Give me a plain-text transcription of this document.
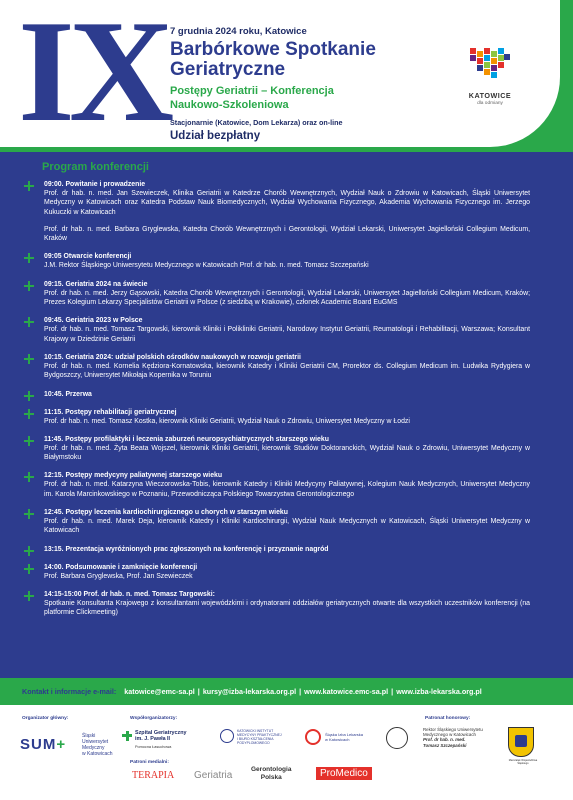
IX 7 grudnia 2024 roku, Katowice
Barbórkowe Spotkanie
Geriatryczne
Postępy Geriatrii – Konferencja
Naukowo-Szkoleniowa
Stacjonarnie (Katowice, Dom Lekarza) oraz on-line
Udział bezpłatny
KATOWICE
dla odmiany
Program konferencji
09:00. Powitanie i prowadzenie
Prof. dr hab. n. med. Jan Szewieczek, Klinika Geriatrii w Katedrze Chorób Wewnętrznych, Wydział Nauk o Zdrowiu w Katowicach, Śląski Uniwersytet Medyczny w Katowicach oraz Katedra Podstaw Nauk Biomedycznych, Wydział Wychowania Fizycznego, Akademia Wychowania Fizycznego im. Jerzego Kukuczki w Katowicach
Prof. dr hab. n. med. Barbara Gryglewska, Katedra Chorób Wewnętrznych i Gerontologii, Wydział Lekarski, Uniwersytet Jagielloński Collegium Medicum, Kraków
09:05 Otwarcie konferencji
J.M. Rektor Śląskiego Uniwersytetu Medycznego w Katowicach Prof. dr hab. n. med. Tomasz Szczepański
09:15. Geriatria 2024 na świecie
Prof. dr hab. n. med. Jerzy Gąsowski, Katedra Chorób Wewnętrznych i Gerontologii, Wydział Lekarski, Uniwersytet Jagielloński Collegium Medicum, Kraków; Prezes Kolegium Lekarzy Specjalistów Geriatrii w Polsce (z siedzibą w Krakowie), członek Academic Board EuGMS
09:45. Geriatria 2023 w Polsce
Prof. dr hab. n. med. Tomasz Targowski, kierownik Kliniki i Polikliniki Geriatrii, Narodowy Instytut Geriatrii, Reumatologii i Rehabilitacji, Warszawa; Konsultant Krajowy w Dziedzinie Geriatrii
10:15. Geriatria 2024: udział polskich ośrodków naukowych w rozwoju geriatrii
Prof. dr hab. n. med. Kornelia Kędziora-Kornatowska, kierownik Katedry i Kliniki Geriatrii CM, Prorektor ds. Collegium Medicum im. Ludwika Rydygiera w Bydgoszczy, Uniwersytet Mikołaja Kopernika w Toruniu
10:45. Przerwa
11:15. Postępy rehabilitacji geriatrycznej
Prof. dr hab. n. med. Tomasz Kostka, kierownik Kliniki Geriatrii, Wydział Nauk o Zdrowiu, Uniwersytet Medyczny w Łodzi
11:45. Postępy profilaktyki i leczenia zaburzeń neuropsychiatrycznych starszego wieku
Prof. dr hab. n. med. Żyta Beata Wojszel, kierownik Kliniki Geriatrii, kierownik Studiów Doktoranckich, Wydział Nauk o Zdrowiu, Uniwersytet Medyczny w Białymstoku
12:15. Postępy medycyny paliatywnej starszego wieku
Prof. dr hab. n. med. Katarzyna Wieczorowska-Tobis, kierownik Katedry i Kliniki Medycyny Paliatywnej, Kolegium Nauk Medycznych, Uniwersytet Medyczny im. Karola Marcinkowskiego w Poznaniu, Przewodnicząca Polskiego Towarzystwa Gerontologicznego
12:45. Postępy leczenia kardiochirurgicznego u chorych w starszym wieku
Prof. dr hab. n. med. Marek Deja, kierownik Katedry i Kliniki Kardiochirurgii, Wydział Nauk Medycznych w Katowicach, Śląski Uniwersytet Medyczny w Katowicach
13:15. Prezentacja wyróżnionych prac zgłoszonych na konferencję i przyznanie nagród
14:00. Podsumowanie i zamknięcie konferencji
Prof. Barbara Gryglewska, Prof. Jan Szewieczek
14:15-15:00 Prof. dr hab. n. med. Tomasz Targowski:
Spotkanie Konsultanta Krajowego z konsultantami wojewódzkimi i ordynatorami oddziałów geriatrycznych otwarte dla wszystkich uczestników konferencji (na platformie Clickmeeting)
Kontakt i informacje e-mail: katowice@emc-sa.pl | kursy@izba-lekarska.org.pl | www.katowice.emc-sa.pl | www.izba-lekarska.org.pl
Organizator główny:
SUM+	Śląski
Uniwersytet
Medyczny
w Katowicach
Współorganizatorzy:
Szpital Geriatryczny
im. J. Pawła II
Pomocna Łasuchowa
KATOWICKI INSTYTUT
MEDYCYNY PRAKTYCZNEJ
I BIURO KSZTAŁCENIA
PODYPLOMOWEGO
Śląska Izba Lekarska
w Katowicach
Patronat honorowy:
Rektor Śląskiego Uniwersytetu
Medycznego w Katowicach
Prof. dr hab. n. med.
Tomasz Szczepański
Marszałek Województwa Śląskiego
Patroni medialni:
TERAPIA Geriatria
Gerontologia
Polska	ProMedico
